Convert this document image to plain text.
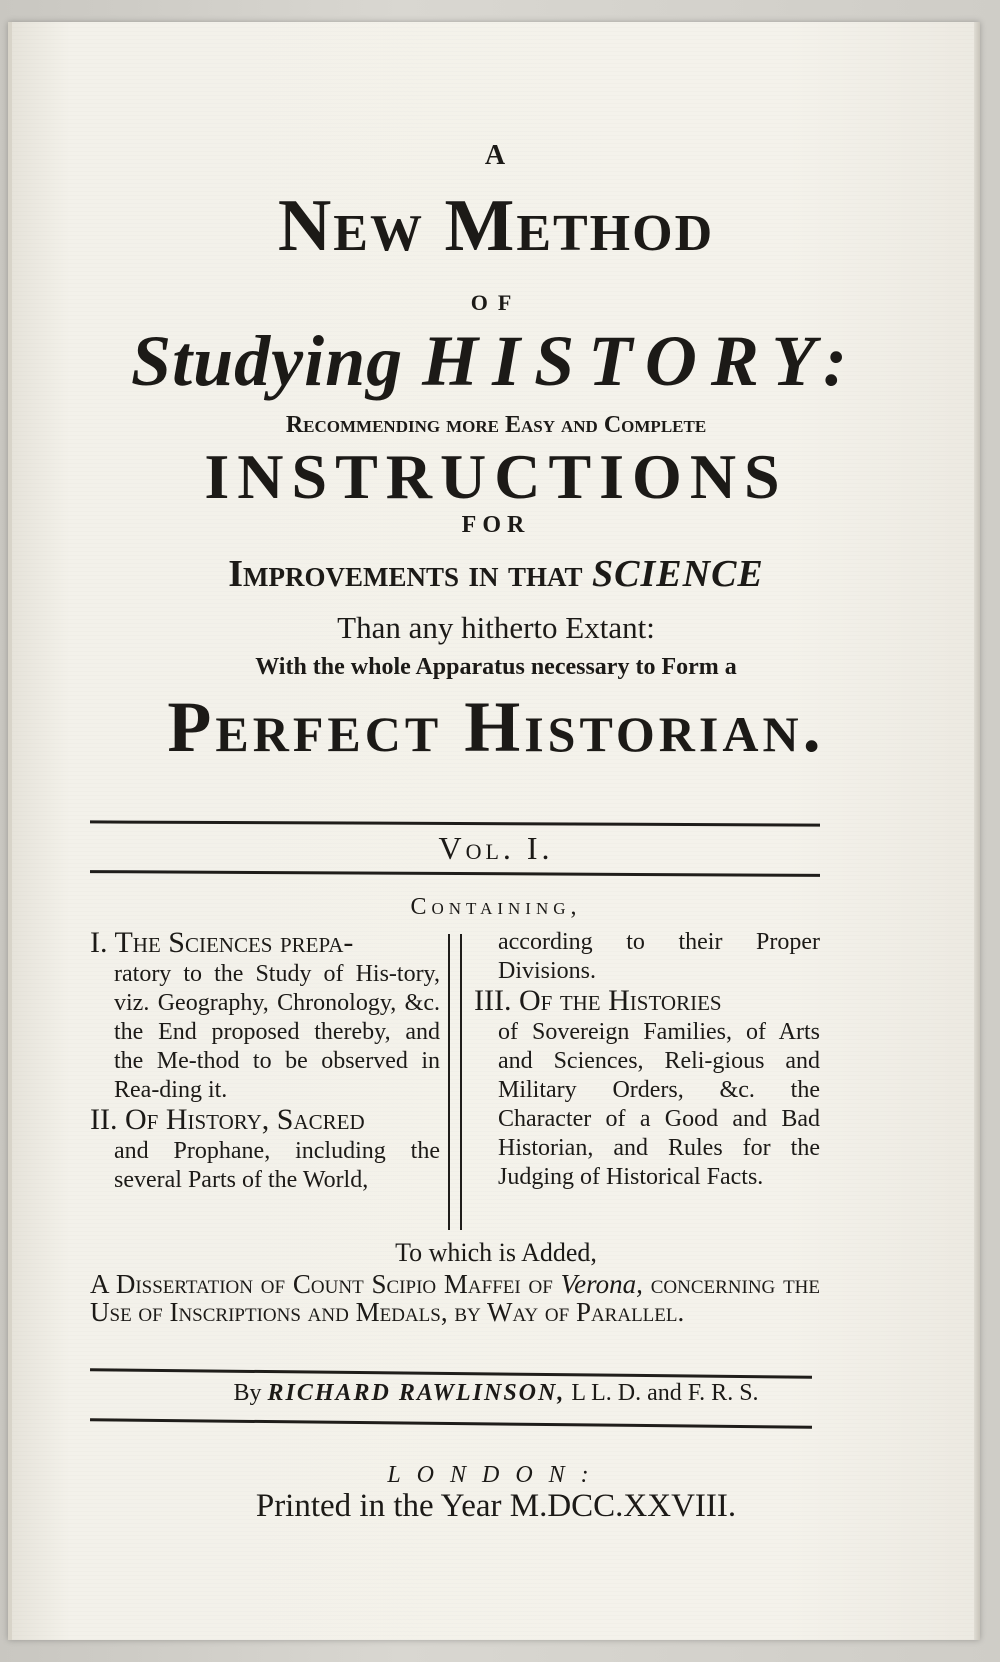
A
New Method
OF
Studying HISTORY:
Recommending more Easy and Complete
INSTRUCTIONS
FOR
Improvements in that SCIENCE
Than any hitherto Extant:
With the whole Apparatus necessary to Form a
Perfect Historian.
Vol. I.
Containing,
I. The Sciences prepa-
ratory to the Study of His-tory, viz. Geography, Chronology, &c. the End proposed thereby, and the Me-thod to be observed in Rea-ding it.
II. Of History, Sacred
and Prophane, including the several Parts of the World,
according to their Proper Divisions.
III. Of the Histories
of Sovereign Families, of Arts and Sciences, Reli-gious and Military Orders, &c. the Character of a Good and Bad Historian, and Rules for the Judging of Historical Facts.
To which is Added,
A Dissertation of Count Scipio Maffei of Verona, concerning the Use of Inscriptions and Medals, by Way of Parallel.
By RICHARD RAWLINSON, L L. D. and F. R. S.
LONDON:
Printed in the Year M.DCC.XXVIII.
